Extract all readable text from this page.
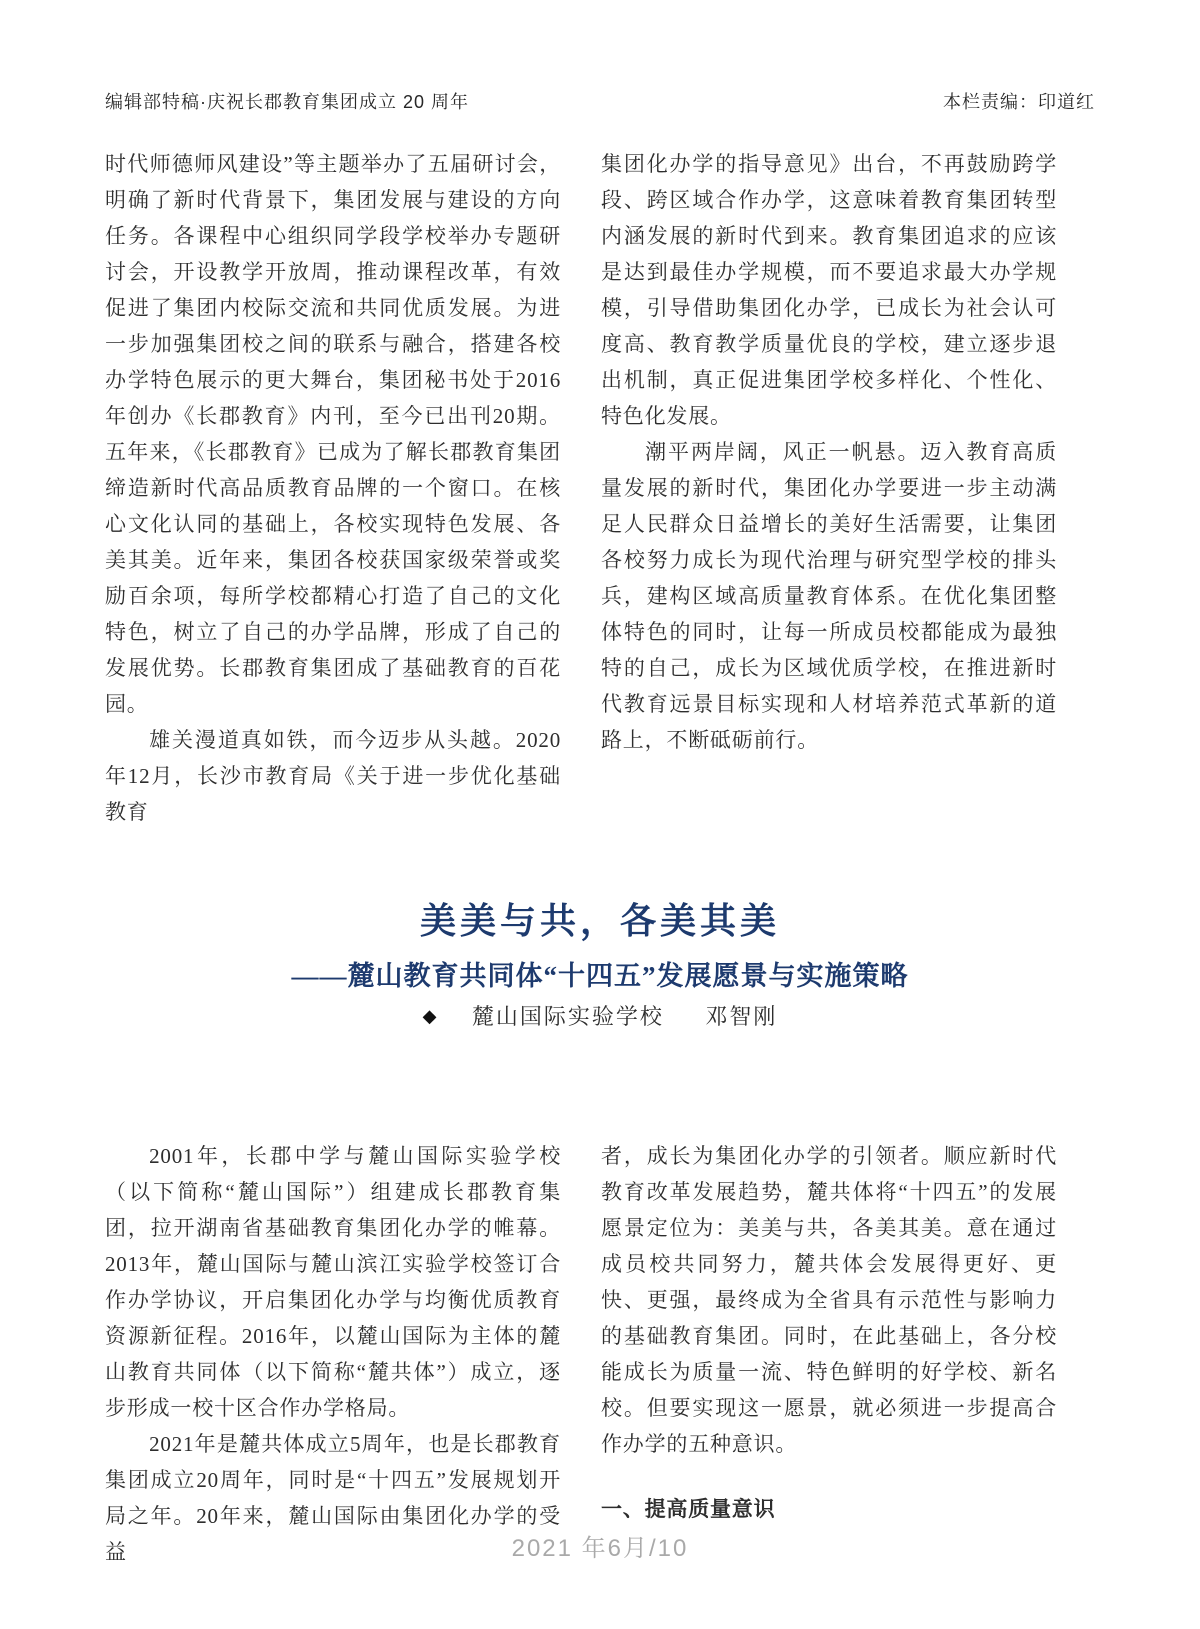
编辑部特稿·庆祝长郡教育集团成立 20 周年	本栏责编：印道红

时代师德师风建设”等主题举办了五届研讨会，明确了新时代背景下，集团发展与建设的方向任务。各课程中心组织同学段学校举办专题研讨会，开设教学开放周，推动课程改革，有效促进了集团内校际交流和共同优质发展。为进一步加强集团校之间的联系与融合，搭建各校办学特色展示的更大舞台，集团秘书处于2016年创办《长郡教育》内刊，至今已出刊20期。五年来，《长郡教育》已成为了解长郡教育集团缔造新时代高品质教育品牌的一个窗口。在核心文化认同的基础上，各校实现特色发展、各美其美。近年来，集团各校获国家级荣誉或奖励百余项，每所学校都精心打造了自己的文化特色，树立了自己的办学品牌，形成了自己的发展优势。长郡教育集团成了基础教育的百花园。

雄关漫道真如铁，而今迈步从头越。2020年12月，长沙市教育局《关于进一步优化基础教育

集团化办学的指导意见》出台，不再鼓励跨学段、跨区域合作办学，这意味着教育集团转型内涵发展的新时代到来。教育集团追求的应该是达到最佳办学规模，而不要追求最大办学规模，引导借助集团化办学，已成长为社会认可度高、教育教学质量优良的学校，建立逐步退出机制，真正促进集团学校多样化、个性化、特色化发展。

潮平两岸阔，风正一帆悬。迈入教育高质量发展的新时代，集团化办学要进一步主动满足人民群众日益增长的美好生活需要，让集团各校努力成长为现代治理与研究型学校的排头兵，建构区域高质量教育体系。在优化集团整体特色的同时，让每一所成员校都能成为最独特的自己，成长为区域优质学校，在推进新时代教育远景目标实现和人材培养范式革新的道路上，不断砥砺前行。

美美与共，各美其美
——麓山教育共同体“十四五”发展愿景与实施策略
◆ 麓山国际实验学校 邓智刚

2001年，长郡中学与麓山国际实验学校（以下简称“麓山国际”）组建成长郡教育集团，拉开湖南省基础教育集团化办学的帷幕。2013年，麓山国际与麓山滨江实验学校签订合作办学协议，开启集团化办学与均衡优质教育资源新征程。2016年，以麓山国际为主体的麓山教育共同体（以下简称“麓共体”）成立，逐步形成一校十区合作办学格局。

2021年是麓共体成立5周年，也是长郡教育集团成立20周年，同时是“十四五”发展规划开局之年。20年来，麓山国际由集团化办学的受益

者，成长为集团化办学的引领者。顺应新时代教育改革发展趋势，麓共体将“十四五”的发展愿景定位为：美美与共，各美其美。意在通过成员校共同努力，麓共体会发展得更好、更快、更强，最终成为全省具有示范性与影响力的基础教育集团。同时，在此基础上，各分校能成长为质量一流、特色鲜明的好学校、新名校。但要实现这一愿景，就必须进一步提高合作办学的五种意识。

一、提高质量意识

2021 年6月/10
